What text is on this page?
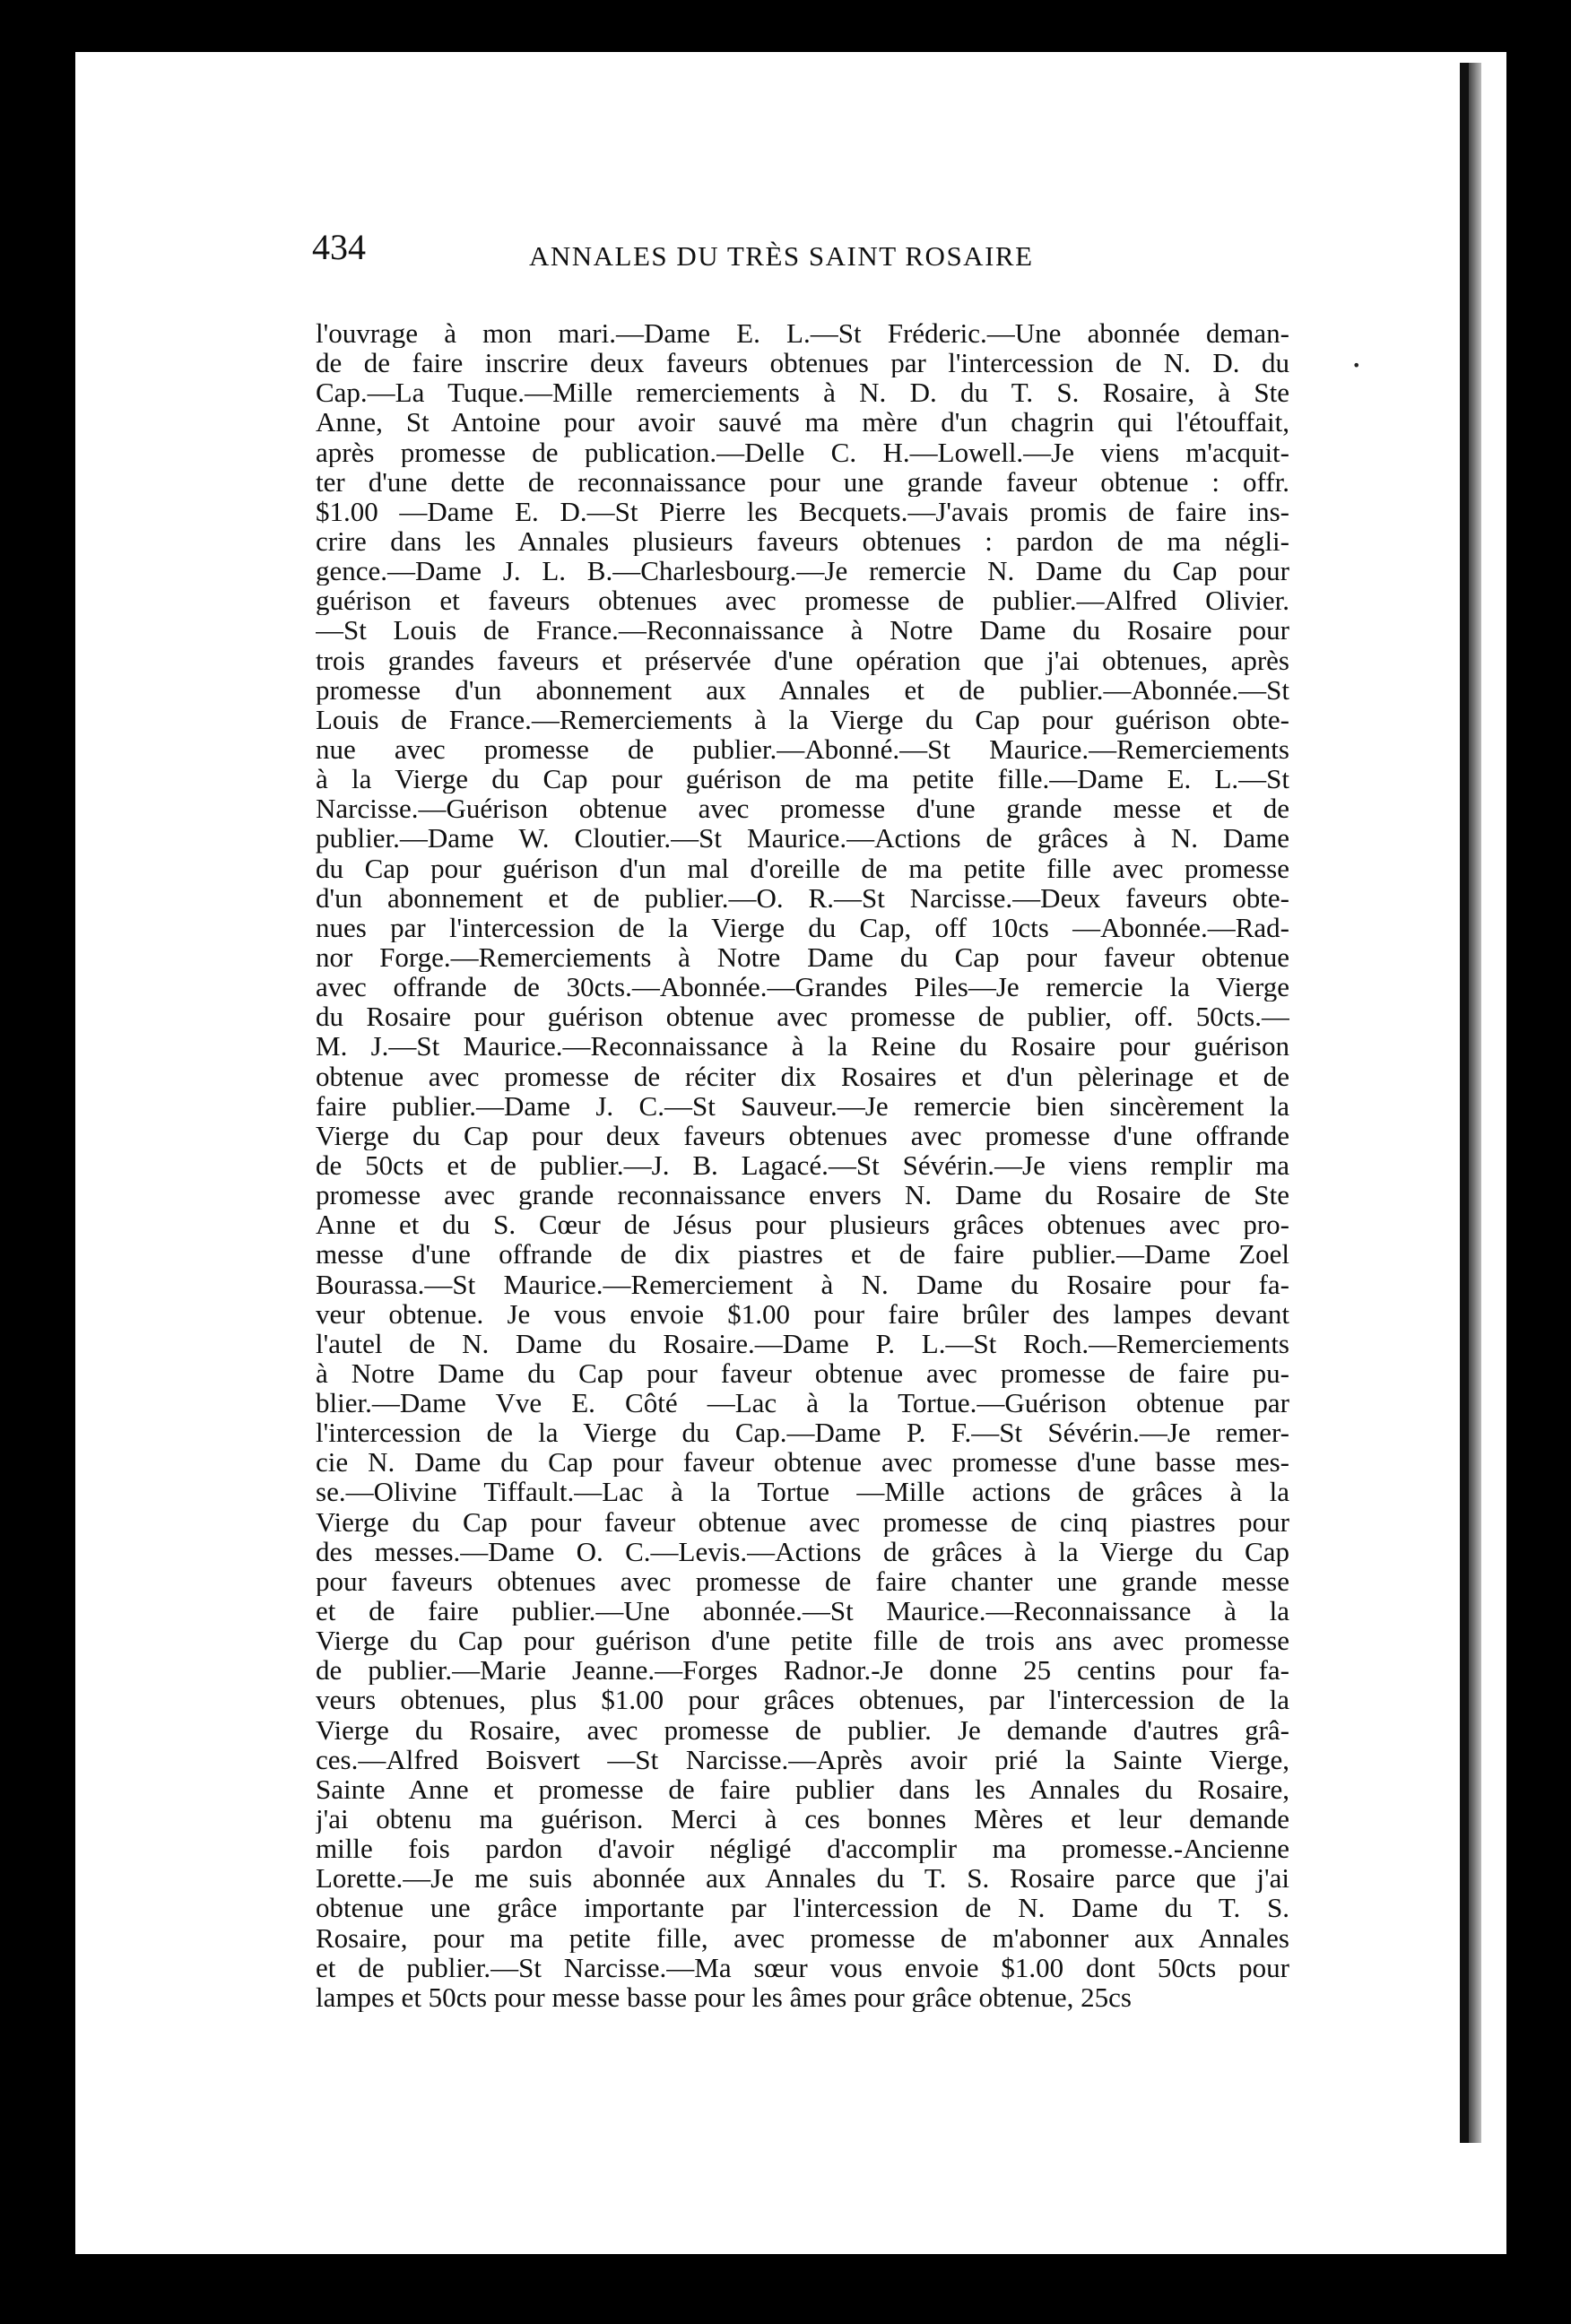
434	ANNALES DU TRÈS SAINT ROSAIRE
•
l'ouvrage à mon mari.—Dame E. L.—St Fréderic.—Une abonnée deman-
de de faire inscrire deux faveurs obtenues par l'intercession de N. D. du
Cap.—La Tuque.—Mille remerciements à N. D. du T. S. Rosaire, à Ste
Anne, St Antoine pour avoir sauvé ma mère d'un chagrin qui l'étouffait,
après promesse de publication.—Delle C. H.—Lowell.—Je viens m'acquit-
ter d'une dette de reconnaissance pour une grande faveur obtenue : offr.
$1.00 —Dame E. D.—St Pierre les Becquets.—J'avais promis de faire ins-
crire dans les Annales plusieurs faveurs obtenues : pardon de ma négli-
gence.—Dame J. L. B.—Charlesbourg.—Je remercie N. Dame du Cap pour
guérison et faveurs obtenues avec promesse de publier.—Alfred Olivier.
—St Louis de France.—Reconnaissance à Notre Dame du Rosaire pour
trois grandes faveurs et préservée d'une opération que j'ai obtenues, après
promesse d'un abonnement aux Annales et de publier.—Abonnée.—St
Louis de France.—Remerciements à la Vierge du Cap pour guérison obte-
nue avec promesse de publier.—Abonné.—St Maurice.—Remerciements
à la Vierge du Cap pour guérison de ma petite fille.—Dame E. L.—St
Narcisse.—Guérison obtenue avec promesse d'une grande messe et de
publier.—Dame W. Cloutier.—St Maurice.—Actions de grâces à N. Dame
du Cap pour guérison d'un mal d'oreille de ma petite fille avec promesse
d'un abonnement et de publier.—O. R.—St Narcisse.—Deux faveurs obte-
nues par l'intercession de la Vierge du Cap, off 10cts —Abonnée.—Rad-
nor Forge.—Remerciements à Notre Dame du Cap pour faveur obtenue
avec offrande de 30cts.—Abonnée.—Grandes Piles—Je remercie la Vierge
du Rosaire pour guérison obtenue avec promesse de publier, off. 50cts.—
M. J.—St Maurice.—Reconnaissance à la Reine du Rosaire pour guérison
obtenue avec promesse de réciter dix Rosaires et d'un pèlerinage et de
faire publier.—Dame J. C.—St Sauveur.—Je remercie bien sincèrement la
Vierge du Cap pour deux faveurs obtenues avec promesse d'une offrande
de 50cts et de publier.—J. B. Lagacé.—St Sévérin.—Je viens remplir ma
promesse avec grande reconnaissance envers N. Dame du Rosaire de Ste
Anne et du S. Cœur de Jésus pour plusieurs grâces obtenues avec pro-
messe d'une offrande de dix piastres et de faire publier.—Dame Zoel
Bourassa.—St Maurice.—Remerciement à N. Dame du Rosaire pour fa-
veur obtenue. Je vous envoie $1.00 pour faire brûler des lampes devant
l'autel de N. Dame du Rosaire.—Dame P. L.—St Roch.—Remerciements
à Notre Dame du Cap pour faveur obtenue avec promesse de faire pu-
blier.—Dame Vve E. Côté —Lac à la Tortue.—Guérison obtenue par
l'intercession de la Vierge du Cap.—Dame P. F.—St Sévérin.—Je remer-
cie N. Dame du Cap pour faveur obtenue avec promesse d'une basse mes-
se.—Olivine Tiffault.—Lac à la Tortue —Mille actions de grâces à la
Vierge du Cap pour faveur obtenue avec promesse de cinq piastres pour
des messes.—Dame O. C.—Levis.—Actions de grâces à la Vierge du Cap
pour faveurs obtenues avec promesse de faire chanter une grande messe
et de faire publier.—Une abonnée.—St Maurice.—Reconnaissance à la
Vierge du Cap pour guérison d'une petite fille de trois ans avec promesse
de publier.—Marie Jeanne.—Forges Radnor.-Je donne 25 centins pour fa-
veurs obtenues, plus $1.00 pour grâces obtenues, par l'intercession de la
Vierge du Rosaire, avec promesse de publier. Je demande d'autres grâ-
ces.—Alfred Boisvert —St Narcisse.—Après avoir prié la Sainte Vierge,
Sainte Anne et promesse de faire publier dans les Annales du Rosaire,
j'ai obtenu ma guérison. Merci à ces bonnes Mères et leur demande
mille fois pardon d'avoir négligé d'accomplir ma promesse.-Ancienne
Lorette.—Je me suis abonnée aux Annales du T. S. Rosaire parce que j'ai
obtenue une grâce importante par l'intercession de N. Dame du T. S.
Rosaire, pour ma petite fille, avec promesse de m'abonner aux Annales
et de publier.—St Narcisse.—Ma sœur vous envoie $1.00 dont 50cts pour
lampes et 50cts pour messe basse pour les âmes pour grâce obtenue, 25cs
